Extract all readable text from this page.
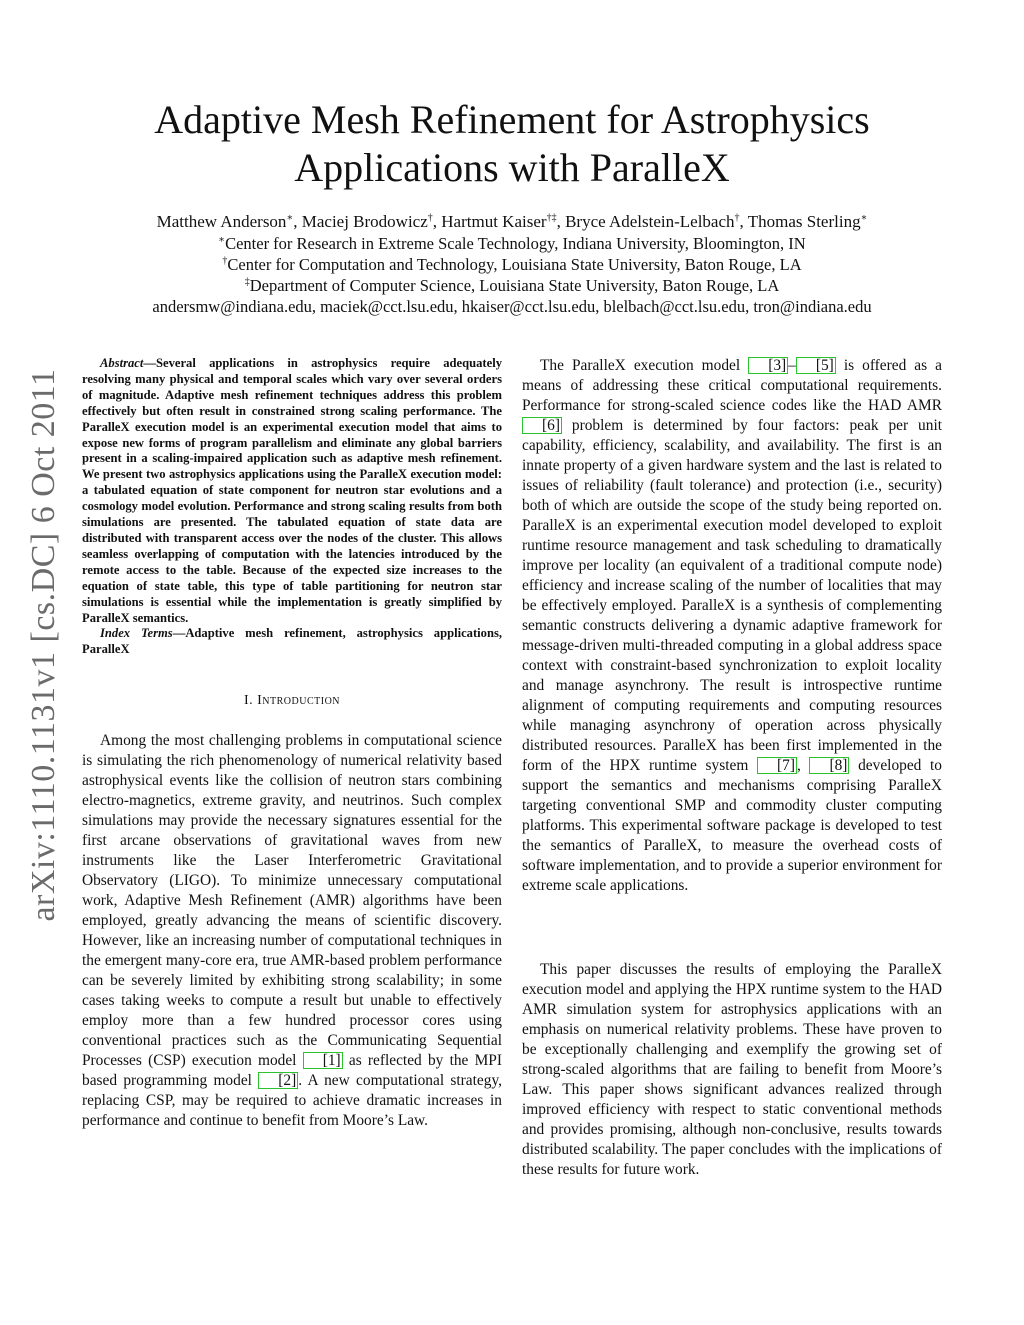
arXiv:1110.1131v1 [cs.DC] 6 Oct 2011
Adaptive Mesh Refinement for Astrophysics
Applications with ParalleX
Matthew Anderson∗, Maciej Brodowicz†, Hartmut Kaiser†‡, Bryce Adelstein-Lelbach†, Thomas Sterling∗
∗Center for Research in Extreme Scale Technology, Indiana University, Bloomington, IN
†Center for Computation and Technology, Louisiana State University, Baton Rouge, LA
‡Department of Computer Science, Louisiana State University, Baton Rouge, LA
andersmw@indiana.edu, maciek@cct.lsu.edu, hkaiser@cct.lsu.edu, blelbach@cct.lsu.edu, tron@indiana.edu

Abstract—Several applications in astrophysics require adequately resolving many physical and temporal scales which vary over several orders of magnitude. Adaptive mesh refinement techniques address this problem effectively but often result in constrained strong scaling performance. The ParalleX execution model is an experimental execution model that aims to expose new forms of program parallelism and eliminate any global barriers present in a scaling-impaired application such as adaptive mesh refinement. We present two astrophysics applications using the ParalleX execution model: a tabulated equation of state component for neutron star evolutions and a cosmology model evolution. Performance and strong scaling results from both simulations are presented. The tabulated equation of state data are distributed with transparent access over the nodes of the cluster. This allows seamless overlapping of computation with the latencies introduced by the remote access to the table. Because of the expected size increases to the equation of state table, this type of table partitioning for neutron star simulations is essential while the implementation is greatly simplified by ParalleX semantics.

Index Terms—Adaptive mesh refinement, astrophysics applications, ParalleX

I. Introduction

Among the most challenging problems in computational science is simulating the rich phenomenology of numerical relativity based astrophysical events like the collision of neutron stars combining electro-magnetics, extreme gravity, and neutrinos. Such complex simulations may provide the necessary signatures essential for the first arcane observations of gravitational waves from new instruments like the Laser Interferometric Gravitational Observatory (LIGO). To minimize unnecessary computational work, Adaptive Mesh Refinement (AMR) algorithms have been employed, greatly advancing the means of scientific discovery. However, like an increasing number of computational techniques in the emergent many-core era, true AMR-based problem performance can be severely limited by exhibiting strong scalability; in some cases taking weeks to compute a result but unable to effectively employ more than a few hundred processor cores using conventional practices such as the Communicating Sequential Processes (CSP) execution model [1] as reflected by the MPI based programming model [2] . A new computational strategy, replacing CSP, may be required to achieve dramatic increases in performance and continue to benefit from Moore’s Law.

The ParalleX execution model [3] – [5] is offered as a means of addressing these critical computational requirements. Performance for strong-scaled science codes like the HAD AMR [6] problem is determined by four factors: peak per unit capability, efficiency, scalability, and availability. The first is an innate property of a given hardware system and the last is related to issues of reliability (fault tolerance) and protection (i.e., security) both of which are outside the scope of the study being reported on. ParalleX is an experimental execution model developed to exploit runtime resource management and task scheduling to dramatically improve per locality (an equivalent of a traditional compute node) efficiency and increase scaling of the number of localities that may be effectively employed. ParalleX is a synthesis of complementing semantic constructs delivering a dynamic adaptive framework for message-driven multi-threaded computing in a global address space context with constraint-based synchronization to exploit locality and manage asynchrony. The result is introspective runtime alignment of computing requirements and computing resources while managing asynchrony of operation across physically distributed resources. ParalleX has been first implemented in the form of the HPX runtime system [7] , [8] developed to support the semantics and mechanisms comprising ParalleX targeting conventional SMP and commodity cluster computing platforms. This experimental software package is developed to test the semantics of ParalleX, to measure the overhead costs of software implementation, and to provide a superior environment for extreme scale applications.

This paper discusses the results of employing the ParalleX execution model and applying the HPX runtime system to the HAD AMR simulation system for astrophysics applications with an emphasis on numerical relativity problems. These have proven to be exceptionally challenging and exemplify the growing set of strong-scaled algorithms that are failing to benefit from Moore’s Law. This paper shows significant advances realized through improved efficiency with respect to static conventional methods and provides promising, although non-conclusive, results towards distributed scalability. The paper concludes with the implications of these results for future work.
